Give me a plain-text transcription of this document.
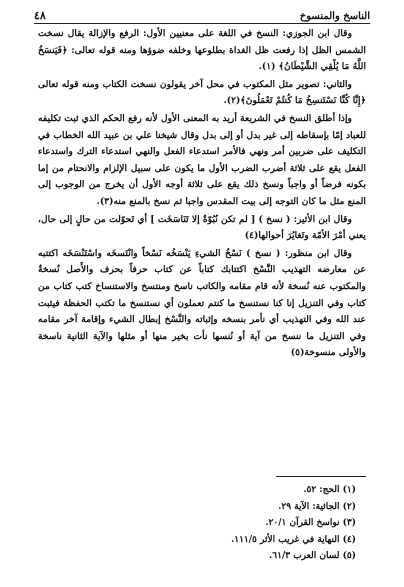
الناسخ والمنسوخ
٤٨

وقال ابن الجوزي: النسخ في اللغة على معنيين الأول: الرفع والإزالة يقال نسخت الشمس الظل إذا رفعت ظل الغداة بطلوعها وخلفه ضوؤها ومنه قوله تعالى: ﴿فَيَنسَخُ اللَّهُ مَا يُلْقِي الشَّيْطَانُ﴾ (١).

والثاني: تصوير مثل المكتوب في محل آخر يقولون نسخت الكتاب ومنه قوله تعالى ﴿إِنَّا كُنَّا نَسْتَنسِخُ مَا كُنتُمْ تَعْمَلُونَ﴾(٢).

وإذا أطلق النسخ في الشريعة أريد به المعنى الأول لأنه رفع الحكم الذي ثبت تكليفه للعباد إمّا بإسقاطه إلى غير بدل أو إلى بدل وقال شيخنا علي بن عبيد الله الخطاب في التكليف على ضربين أمر ونهي فالأمر استدعاء الفعل والنهي استدعاء الترك واستدعاء الفعل يقع على ثلاثة أضرب الضرب الأول ما يكون على سبيل الإلزام والانحتام من إما بكونه فرضاً أو واجباً ونسخ ذلك يقع على ثلاثة أوجه الأول أن يخرج من الوجوب إلى المنع مثل ما كان التوجه إلى بيت المقدس واجبا ثم نسخ بالمنع منه(٣).

وقال ابن الأثير: ( نسخ ) [ لم تكن نُبُوّةٌ إلا تَنَاسَخَت ] أي تَحوّلت من حالٍ إلى حال، يعني أمْرَ الأمّة وتَغايُرَ أحوالها(٤)

وقال ابن منظور: ( نسخ ) نَسْخُ الشيءِ يَنْسَخُه نَسْخاً وانْتَسخَه واسْتَنْسَخَه اكتتبه عن معارضه التهذيب النَّسْخ اكتتابك كتاباً عن كتاب حرفاً بحرف والأَصل نُسخةٌ والمكتوب عنه نُسخة لأنه قام مقامه والكاتب ناسخ ومنتسخ والاستنساخ كتب كتاب من كتاب وفي التنزيل إنا كنا نستنسخ ما كنتم تعملون أي نستنسخ ما تكتب الحفظة فيثبت عند الله وفي التهذيب أي نأمر بنسخه وإثباته والنَّسْخ إبطال الشيء وإقامة آخر مقامه وفي التنزيل ما ننسخ من آية أو نُنسها نأت بخير منها أو مثلها والآية الثانية ناسخة والأولى منسوخة(٥)

(١) الحج: ٥٢.
(٢) الجاثية: الآية ٢٩.
(٣) نواسخ القرآن ٢٠/١.
(٤) النهاية في غريب الأثر ١١١/٥.
(٥) لسان العرب ٦١/٣.
